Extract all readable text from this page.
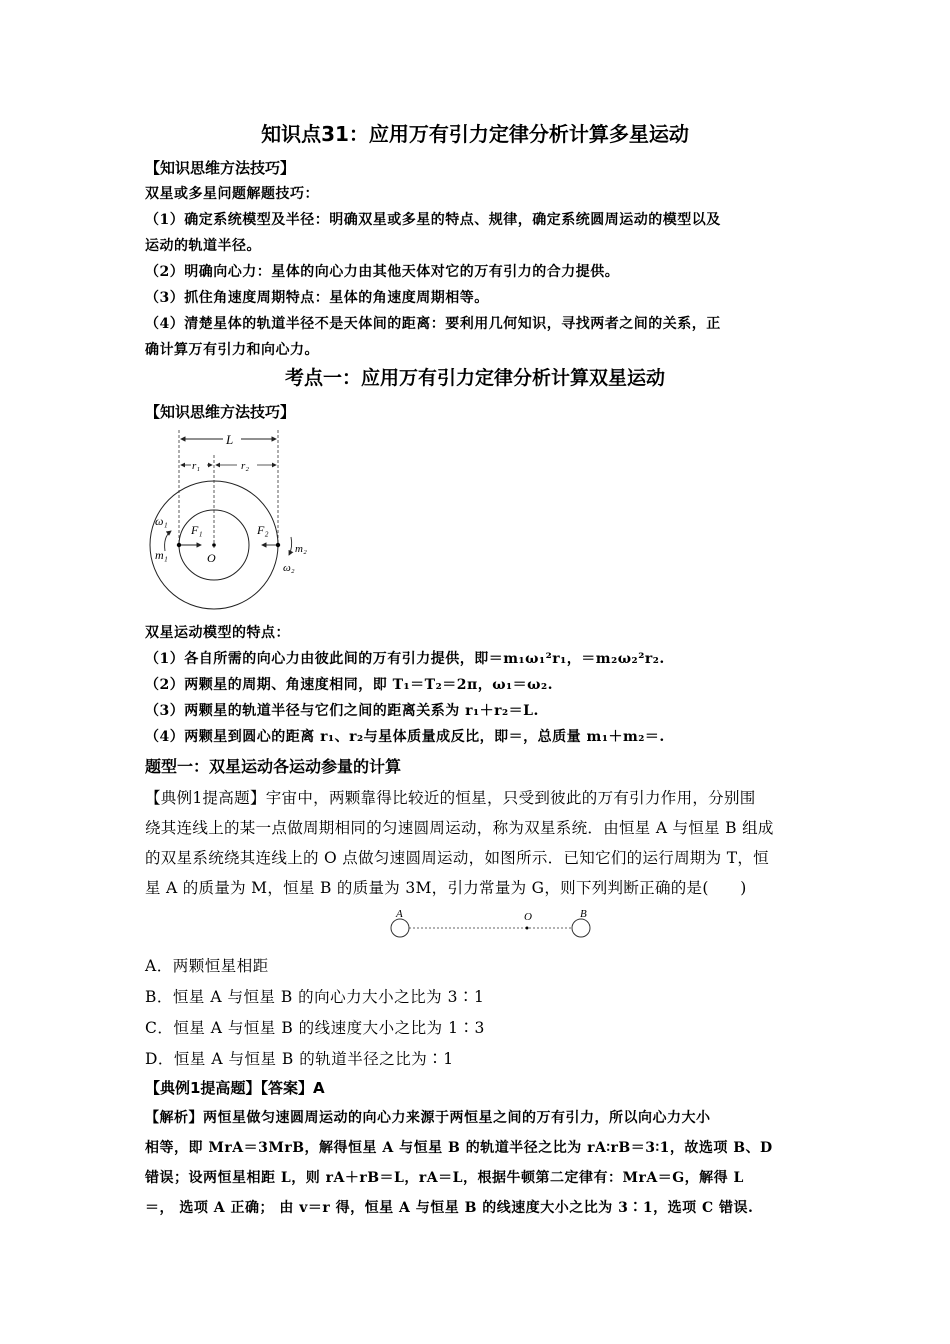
知识点31：应用万有引力定律分析计算多星运动
【知识思维方法技巧】
双星或多星问题解题技巧：
（1）确定系统模型及半径：明确双星或多星的特点、规律，确定系统圆周运动的模型以及
运动的轨道半径。
（2）明确向心力：星体的向心力由其他天体对它的万有引力的合力提供。
（3）抓住角速度周期特点：星体的角速度周期相等。
（4）清楚星体的轨道半径不是天体间的距离：要利用几何知识，寻找两者之间的关系，正
确计算万有引力和向心力。
考点一：应用万有引力定律分析计算双星运动
【知识思维方法技巧】
L
r₁	r₂
O
F₁	F₂
ω₁
m₁	m₂
ω₂
双星运动模型的特点：
（1）各自所需的向心力由彼此间的万有引力提供，即＝m₁ω₁²r₁，＝m₂ω₂²r₂.
（2）两颗星的周期、角速度相同，即 T₁＝T₂＝2π，ω₁＝ω₂.
（3）两颗星的轨道半径与它们之间的距离关系为 r₁＋r₂＝L.
（4）两颗星到圆心的距离 r₁、r₂与星体质量成反比，即＝，总质量 m₁＋m₂＝.
题型一：双星运动各运动参量的计算
【典例1提高题】宇宙中，两颗靠得比较近的恒星，只受到彼此的万有引力作用，分别围
绕其连线上的某一点做周期相同的匀速圆周运动，称为双星系统．由恒星 A 与恒星 B 组成
的双星系统绕其连线上的 O 点做匀速圆周运动，如图所示．已知它们的运行周期为 T，恒
星 A 的质量为 M，恒星 B 的质量为 3M，引力常量为 G，则下列判断正确的是(　　)
A	O	B
A．两颗恒星相距
B．恒星 A 与恒星 B 的向心力大小之比为 3∶1
C．恒星 A 与恒星 B 的线速度大小之比为 1∶3
D．恒星 A 与恒星 B 的轨道半径之比为∶1
【典例1提高题】【答案】A
【解析】两恒星做匀速圆周运动的向心力来源于两恒星之间的万有引力，所以向心力大小
相等，即 MrA＝3MrB，解得恒星 A 与恒星 B 的轨道半径之比为 rA∶rB＝3∶1，故选项 B、D
错误；设两恒星相距 L，则 rA＋rB＝L，rA＝L，根据牛顿第二定律有：MrA＝G，解得 L
＝， 选项 A 正确； 由 v＝r 得，恒星 A 与恒星 B 的线速度大小之比为 3∶1，选项 C 错误.
